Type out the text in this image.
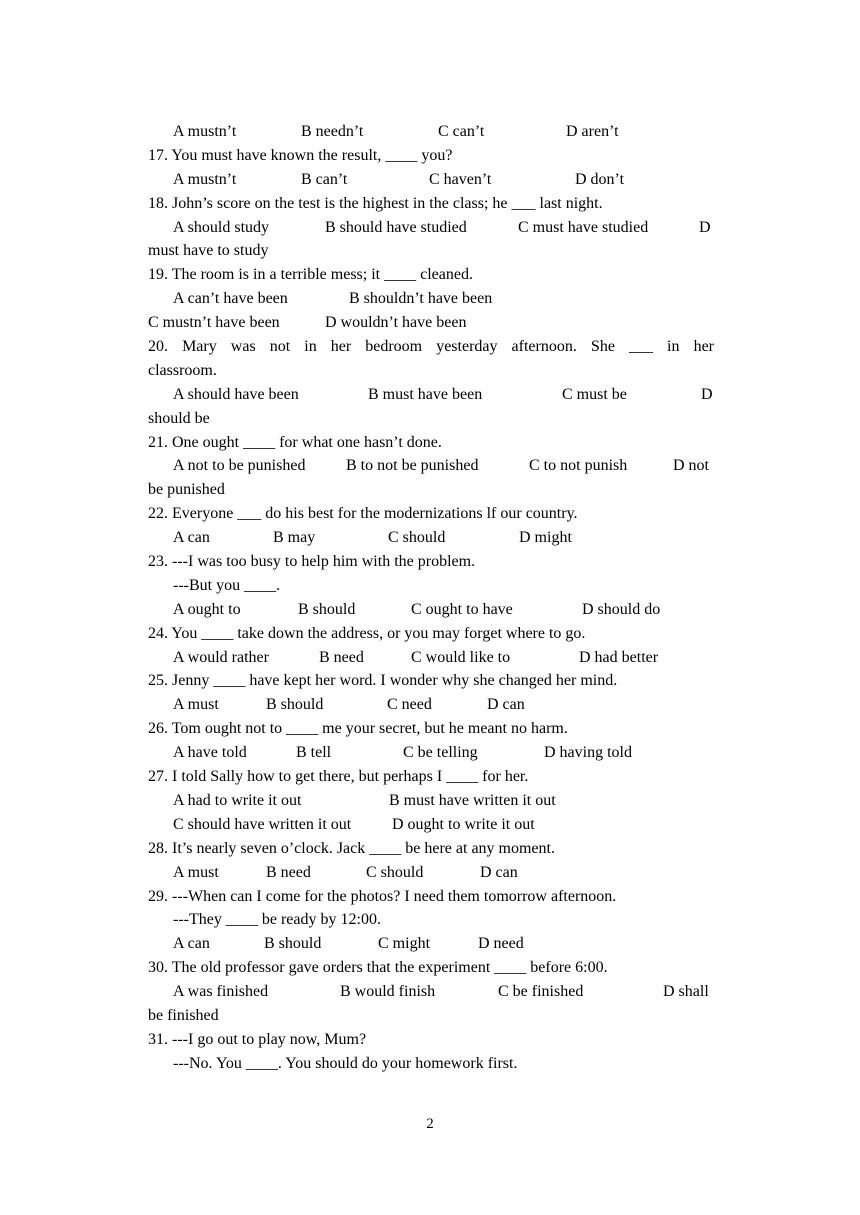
A mustn’t	B needn’t	C can’t	D aren’t
17. You must have known the result, ____ you?
A mustn’t	B can’t	C haven’t	D don’t
18. John’s score on the test is the highest in the class; he ___ last night.
A should study	B should have studied	C must have studied	D
must have to study
19. The room is in a terrible mess; it ____ cleaned.
A can’t have been	B shouldn’t have been
C mustn’t have been	D wouldn’t have been
20. Mary was not in her bedroom yesterday afternoon. She ___ in her
classroom.
A should have been	B must have been	C must be	D
should be
21. One ought ____ for what one hasn’t done.
A not to be punished	B to not be punished	C to not punish	D not
be punished
22. Everyone ___ do his best for the modernizations lf our country.
A can	B may	C should	D might
23. ---I was too busy to help him with the problem.
---But you ____.
A ought to	B should	C ought to have	D should do
24. You ____ take down the address, or you may forget where to go.
A would rather	B need	C would like to	D had better
25. Jenny ____ have kept her word. I wonder why she changed her mind.
A must	B should	C need	D can
26. Tom ought not to ____ me your secret, but he meant no harm.
A have told	B tell	C be telling	D having told
27. I told Sally how to get there, but perhaps I ____ for her.
A had to write it out	B must have written it out
C should have written it out	D ought to write it out
28. It’s nearly seven o’clock. Jack ____ be here at any moment.
A must	B need	C should	D can
29. ---When can I come for the photos? I need them tomorrow afternoon.
---They ____ be ready by 12:00.
A can	B should	C might	D need
30. The old professor gave orders that the experiment ____ before 6:00.
A was finished	B would finish	C be finished	D shall
be finished
31. ---I go out to play now, Mum?
---No. You ____. You should do your homework first.
2
